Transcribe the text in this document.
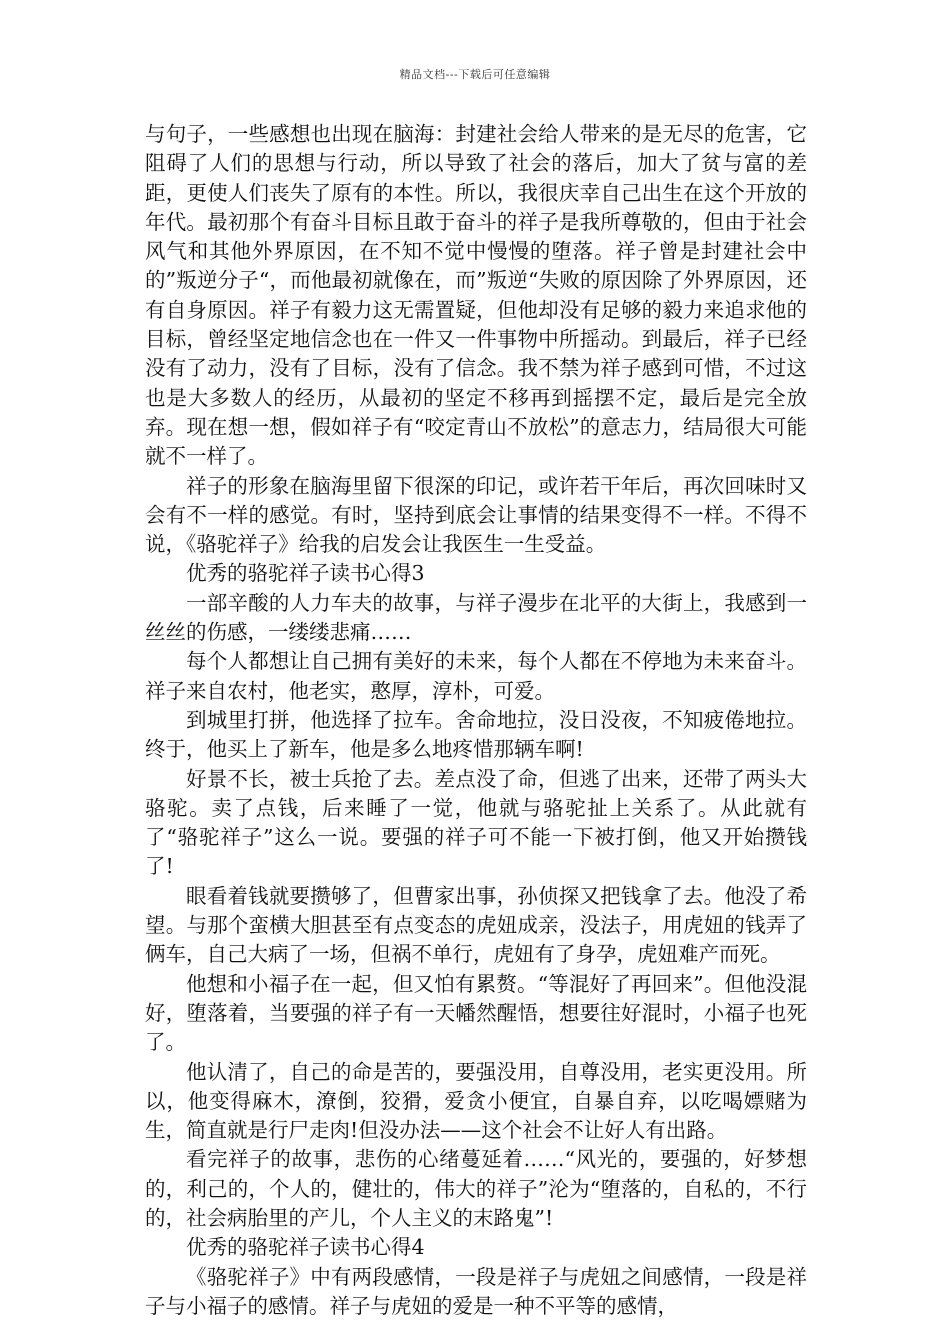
精品文档---下载后可任意编辑

与句子，一些感想也出现在脑海：封建社会给人带来的是无尽的危害，它阻碍了人们的思想与行动，所以导致了社会的落后，加大了贫与富的差距，更使人们丧失了原有的本性。所以，我很庆幸自己出生在这个开放的年代。最初那个有奋斗目标且敢于奋斗的祥子是我所尊敬的，但由于社会风气和其他外界原因，在不知不觉中慢慢的堕落。祥子曾是封建社会中的”叛逆分子“，而他最初就像在，而”叛逆“失败的原因除了外界原因，还有自身原因。祥子有毅力这无需置疑，但他却没有足够的毅力来追求他的目标，曾经坚定地信念也在一件又一件事物中所摇动。到最后，祥子已经没有了动力，没有了目标，没有了信念。我不禁为祥子感到可惜，不过这也是大多数人的经历，从最初的坚定不移再到摇摆不定，最后是完全放弃。现在想一想，假如祥子有“咬定青山不放松”的意志力，结局很大可能就不一样了。

祥子的形象在脑海里留下很深的印记，或许若干年后，再次回味时又会有不一样的感觉。有时，坚持到底会让事情的结果变得不一样。不得不说，《骆驼祥子》给我的启发会让我医生一生受益。

优秀的骆驼祥子读书心得3

一部辛酸的人力车夫的故事，与祥子漫步在北平的大街上，我感到一丝丝的伤感，一缕缕悲痛……

每个人都想让自己拥有美好的未来，每个人都在不停地为未来奋斗。祥子来自农村，他老实，憨厚，淳朴，可爱。

到城里打拼，他选择了拉车。舍命地拉，没日没夜，不知疲倦地拉。终于，他买上了新车，他是多么地疼惜那辆车啊!

好景不长，被士兵抢了去。差点没了命，但逃了出来，还带了两头大骆驼。卖了点钱，后来睡了一觉，他就与骆驼扯上关系了。从此就有了“骆驼祥子”这么一说。要强的祥子可不能一下被打倒，他又开始攒钱了!

眼看着钱就要攒够了，但曹家出事，孙侦探又把钱拿了去。他没了希望。与那个蛮横大胆甚至有点变态的虎妞成亲，没法子，用虎妞的钱弄了俩车，自己大病了一场，但祸不单行，虎妞有了身孕，虎妞难产而死。

他想和小福子在一起，但又怕有累赘。“等混好了再回来”。但他没混好，堕落着，当要强的祥子有一天幡然醒悟，想要往好混时，小福子也死了。

他认清了，自己的命是苦的，要强没用，自尊没用，老实更没用。所以，他变得麻木，潦倒，狡猾，爱贪小便宜，自暴自弃，以吃喝嫖赌为生，简直就是行尸走肉!但没办法——这个社会不让好人有出路。

看完祥子的故事，悲伤的心绪蔓延着……“风光的，要强的，好梦想的，利己的，个人的，健壮的，伟大的祥子”沦为“堕落的，自私的，不行的，社会病胎里的产儿，个人主义的末路鬼”!

优秀的骆驼祥子读书心得4

《骆驼祥子》中有两段感情，一段是祥子与虎妞之间感情，一段是祥子与小福子的感情。祥子与虎妞的爱是一种不平等的感情，
